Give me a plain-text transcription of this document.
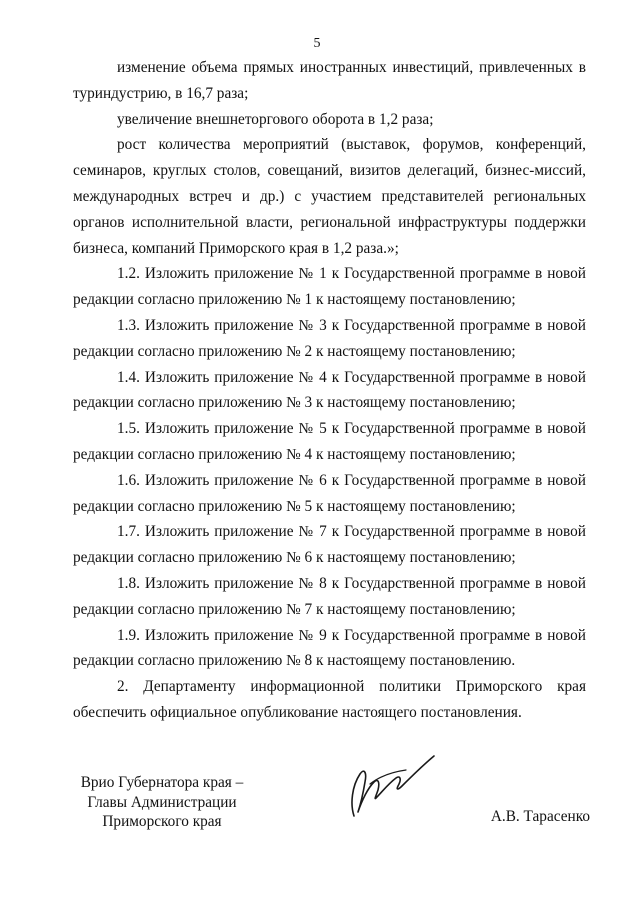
5

изменение объема прямых иностранных инвестиций, привлеченных в туриндустрию, в 16,7 раза;

увеличение внешнеторгового оборота в 1,2 раза;

рост количества мероприятий (выставок, форумов, конференций, семинаров, круглых столов, совещаний, визитов делегаций, бизнес-миссий, международных встреч и др.) с участием представителей региональных органов исполнительной власти, региональной инфраструктуры поддержки бизнеса, компаний Приморского края в 1,2 раза.»;

1.2. Изложить приложение № 1 к Государственной программе в новой редакции согласно приложению № 1 к настоящему постановлению;

1.3. Изложить приложение № 3 к Государственной программе в новой редакции согласно приложению № 2 к настоящему постановлению;

1.4. Изложить приложение № 4 к Государственной программе в новой редакции согласно приложению № 3 к настоящему постановлению;

1.5. Изложить приложение № 5 к Государственной программе в новой редакции согласно приложению № 4 к настоящему постановлению;

1.6. Изложить приложение № 6 к Государственной программе в новой редакции согласно приложению № 5 к настоящему постановлению;

1.7. Изложить приложение № 7 к Государственной программе в новой редакции согласно приложению № 6 к настоящему постановлению;

1.8. Изложить приложение № 8 к Государственной программе в новой редакции согласно приложению № 7 к настоящему постановлению;

1.9. Изложить приложение № 9 к Государственной программе в новой редакции согласно приложению № 8 к настоящему постановлению.

2. Департаменту информационной политики Приморского края обеспечить официальное опубликование настоящего постановления.

Врио Губернатора края –
Главы Администрации
Приморского края	А.В. Тарасенко
